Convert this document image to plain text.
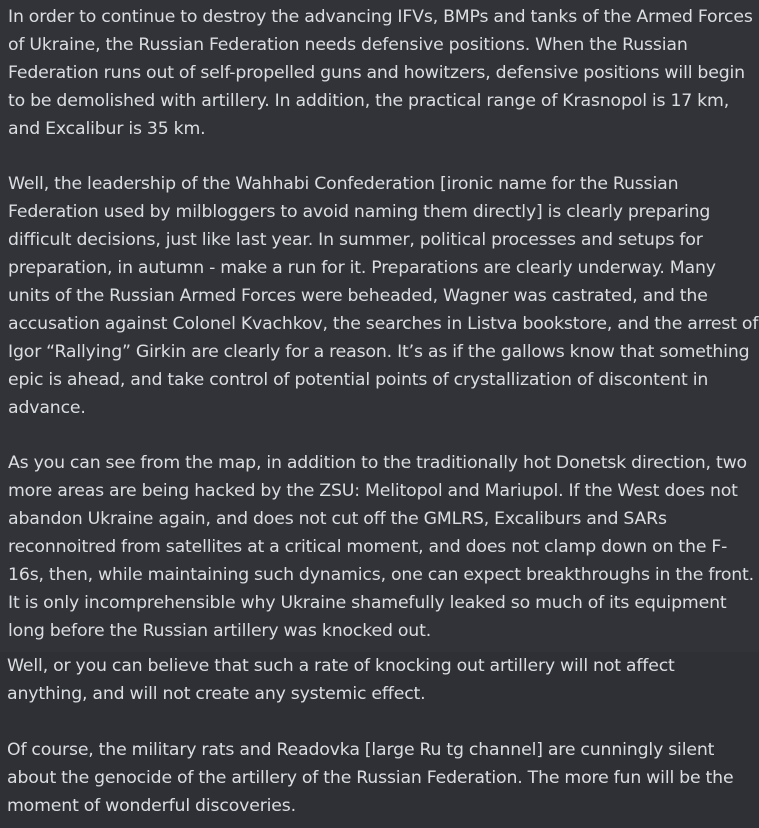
In order to continue to destroy the advancing IFVs, BMPs and tanks of the Armed Forces of Ukraine, the Russian Federation needs defensive positions. When the Russian Federation runs out of self-propelled guns and howitzers, defensive positions will begin to be demolished with artillery. In addition, the practical range of Krasnopol is 17 km, and Excalibur is 35 km.

Well, the leadership of the Wahhabi Confederation [ironic name for the Russian Federation used by milbloggers to avoid naming them directly] is clearly preparing difficult decisions, just like last year. In summer, political processes and setups for preparation, in autumn - make a run for it. Preparations are clearly underway. Many units of the Russian Armed Forces were beheaded, Wagner was castrated, and the accusation against Colonel Kvachkov, the searches in Listva bookstore, and the arrest of Igor “Rallying” Girkin are clearly for a reason. It’s as if the gallows know that something epic is ahead, and take control of potential points of crystallization of discontent in advance.

As you can see from the map, in addition to the traditionally hot Donetsk direction, two more areas are being hacked by the ZSU: Melitopol and Mariupol. If the West does not abandon Ukraine again, and does not cut off the GMLRS, Excaliburs and SARs reconnoitred from satellites at a critical moment, and does not clamp down on the F-16s, then, while maintaining such dynamics, one can expect breakthroughs in the front. It is only incomprehensible why Ukraine shamefully leaked so much of its equipment long before the Russian artillery was knocked out.

Well, or you can believe that such a rate of knocking out artillery will not affect anything, and will not create any systemic effect.

Of course, the military rats and Readovka [large Ru tg channel] are cunningly silent about the genocide of the artillery of the Russian Federation. The more fun will be the moment of wonderful discoveries.
